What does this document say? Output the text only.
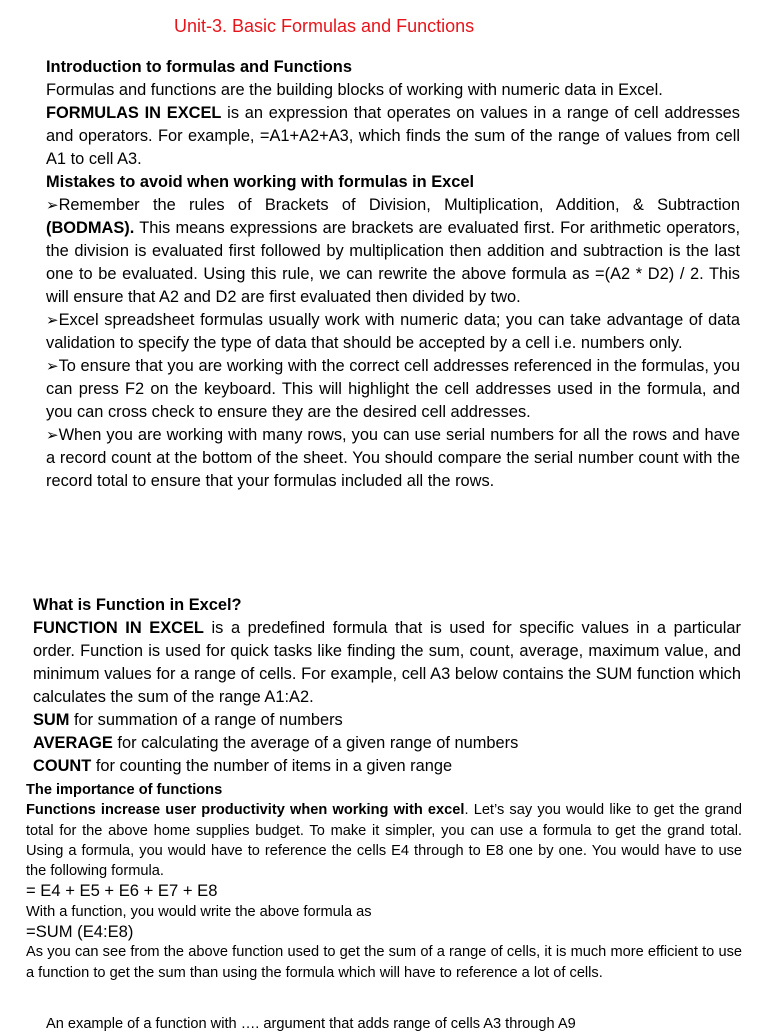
Unit-3. Basic Formulas and Functions

Introduction to formulas and Functions

Formulas and functions are the building blocks of working with numeric data in Excel.

FORMULAS IN EXCEL is an expression that operates on values in a range of cell addresses and operators. For example, =A1+A2+A3, which finds the sum of the range of values from cell A1 to cell A3.

Mistakes to avoid when working with formulas in Excel

➢Remember the rules of Brackets of Division, Multiplication, Addition, & Subtraction (BODMAS). This means expressions are brackets are evaluated first. For arithmetic operators, the division is evaluated first followed by multiplication then addition and subtraction is the last one to be evaluated. Using this rule, we can rewrite the above formula as =(A2 * D2) / 2. This will ensure that A2 and D2 are first evaluated then divided by two.

➢Excel spreadsheet formulas usually work with numeric data; you can take advantage of data validation to specify the type of data that should be accepted by a cell i.e. numbers only.

➢To ensure that you are working with the correct cell addresses referenced in the formulas, you can press F2 on the keyboard. This will highlight the cell addresses used in the formula, and you can cross check to ensure they are the desired cell addresses.

➢When you are working with many rows, you can use serial numbers for all the rows and have a record count at the bottom of the sheet. You should compare the serial number count with the record total to ensure that your formulas included all the rows.

What is Function in Excel?

FUNCTION IN EXCEL is a predefined formula that is used for specific values in a particular order. Function is used for quick tasks like finding the sum, count, average, maximum value, and minimum values for a range of cells. For example, cell A3 below contains the SUM function which calculates the sum of the range A1:A2.

SUM for summation of a range of numbers

AVERAGE for calculating the average of a given range of numbers

COUNT for counting the number of items in a given range

The importance of functions

Functions increase user productivity when working with excel. Let’s say you would like to get the grand total for the above home supplies budget. To make it simpler, you can use a formula to get the grand total. Using a formula, you would have to reference the cells E4 through to E8 one by one. You would have to use the following formula.

= E4 + E5 + E6 + E7 + E8

With a function, you would write the above formula as

=SUM (E4:E8)

As you can see from the above function used to get the sum of a range of cells, it is much more efficient to use a function to get the sum than using the formula which will have to reference a lot of cells.

An example of a function with …. argument that adds range of cells A3 through A9
